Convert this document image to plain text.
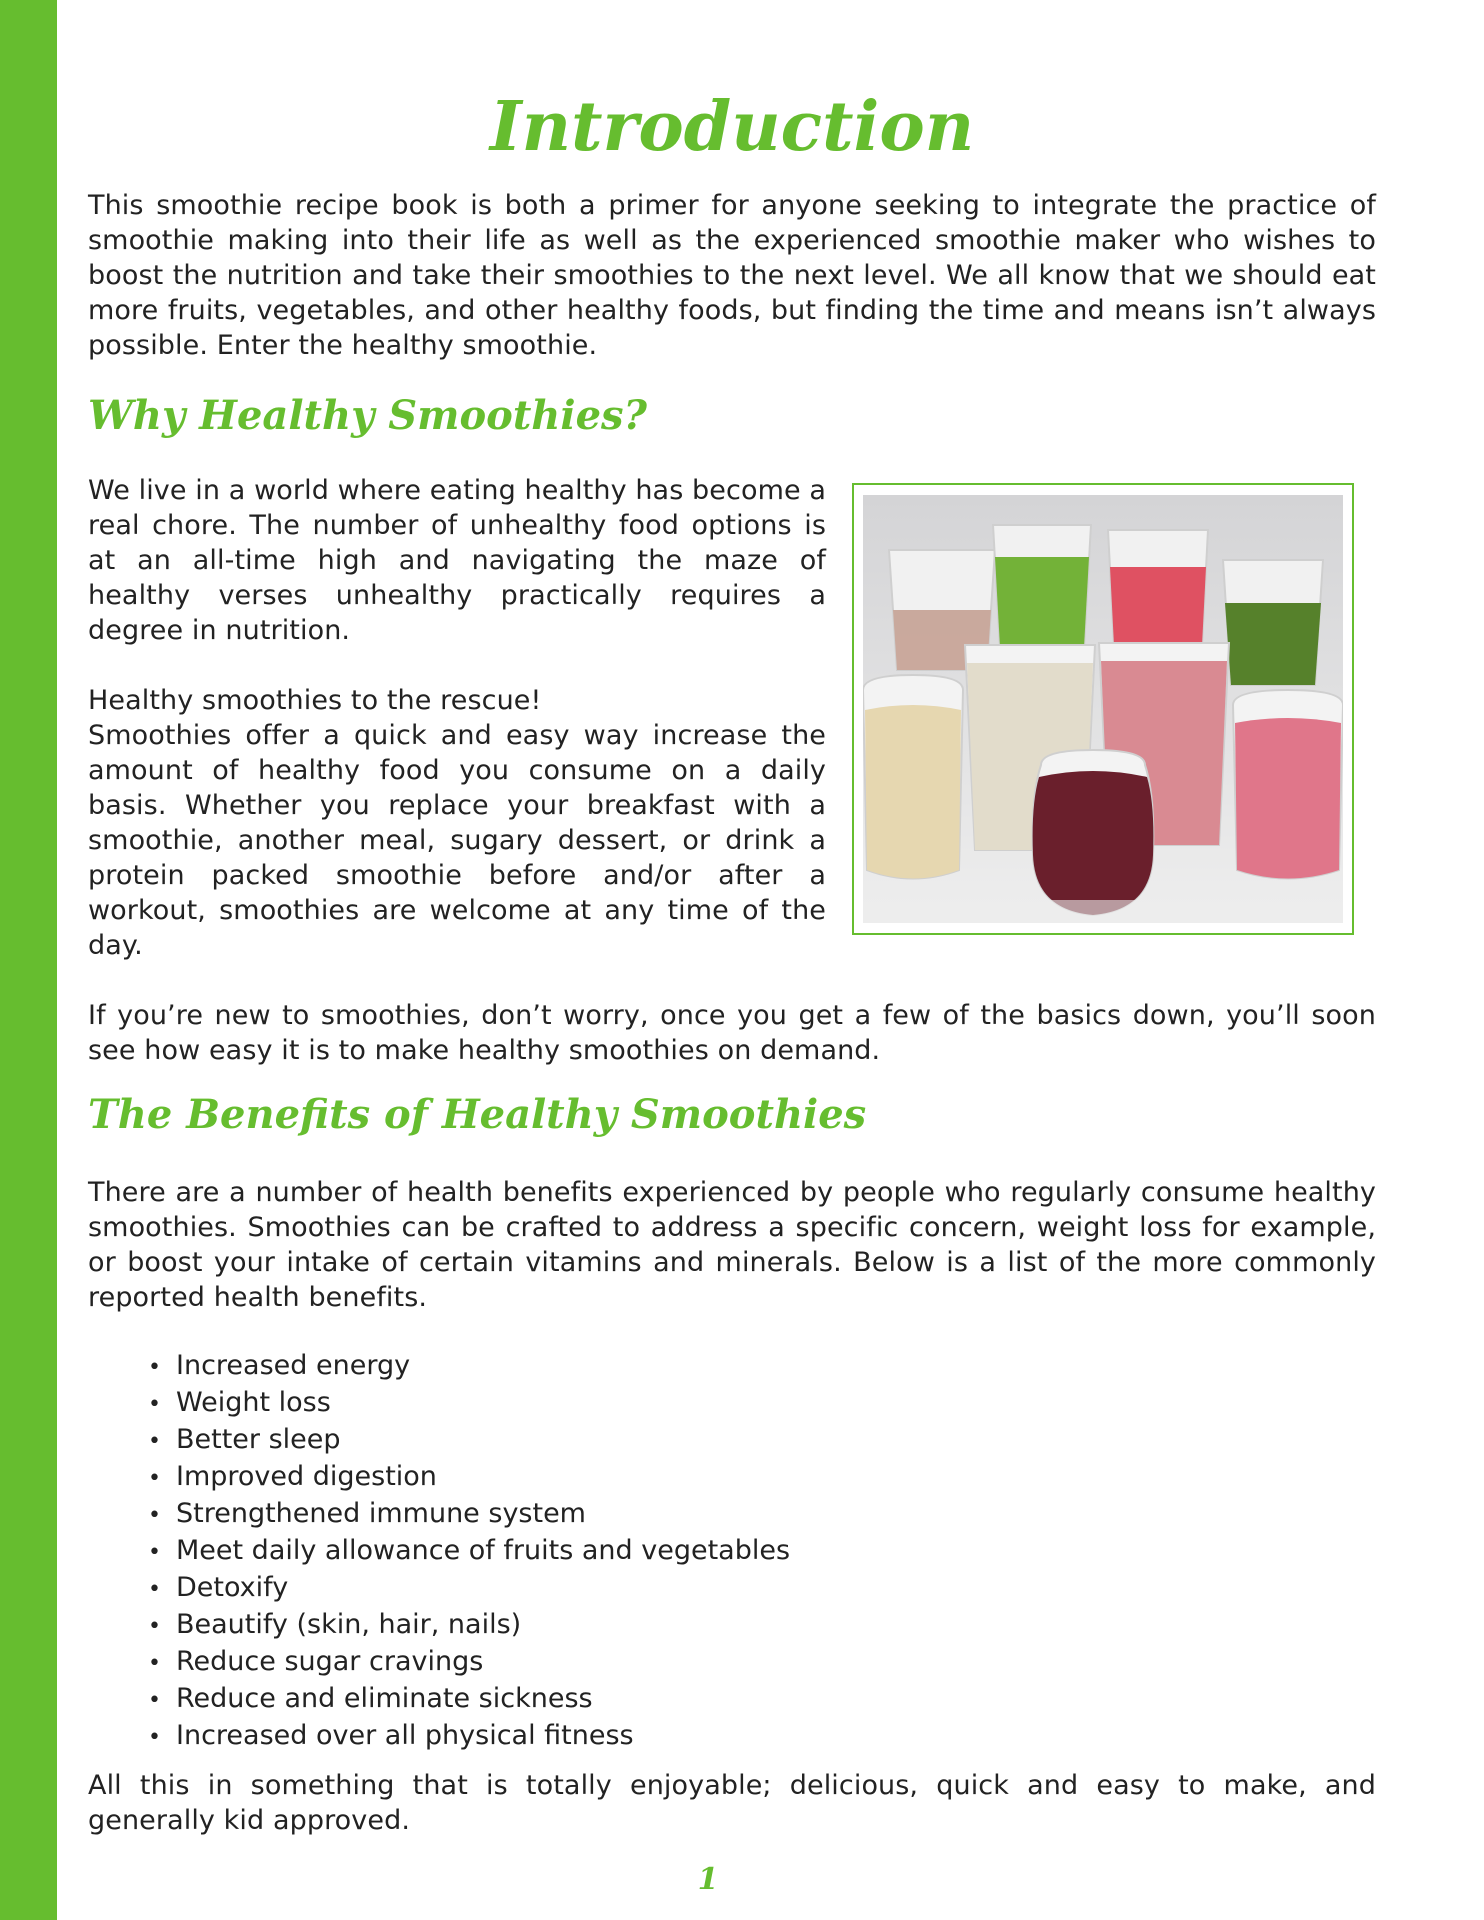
Introduction

This smoothie recipe book is both a primer for anyone seeking to integrate the practice of smoothie making into their life as well as the experienced smoothie maker who wishes to boost the nutrition and take their smoothies to the next level. We all know that we should eat more fruits, vegetables, and other healthy foods, but finding the time and means isn’t always possible. Enter the healthy smoothie.

Why Healthy Smoothies?

We live in a world where eating healthy has become a real chore. The number of unhealthy food options is at an all-time high and navigating the maze of healthy verses unhealthy practically requires a degree in nutrition.

Healthy smoothies to the rescue!
Smoothies offer a quick and easy way increase the amount of healthy food you consume on a daily basis. Whether you replace your breakfast with a smoothie, another meal, sugary dessert, or drink a protein packed smoothie before and/or after a workout, smoothies are welcome at any time of the day.

If you’re new to smoothies, don’t worry, once you get a few of the basics down, you’ll soon see how easy it is to make healthy smoothies on demand.

The Benefits of Healthy Smoothies

There are a number of health benefits experienced by people who regularly consume healthy smoothies. Smoothies can be crafted to address a specific concern, weight loss for example, or boost your intake of certain vitamins and minerals. Below is a list of the more commonly reported health benefits.

• Increased energy
• Weight loss
• Better sleep
• Improved digestion
• Strengthened immune system
• Meet daily allowance of fruits and vegetables
• Detoxify
• Beautify (skin, hair, nails)
• Reduce sugar cravings
• Reduce and eliminate sickness
• Increased over all physical fitness

All this in something that is totally enjoyable; delicious, quick and easy to make, and generally kid approved.

1
